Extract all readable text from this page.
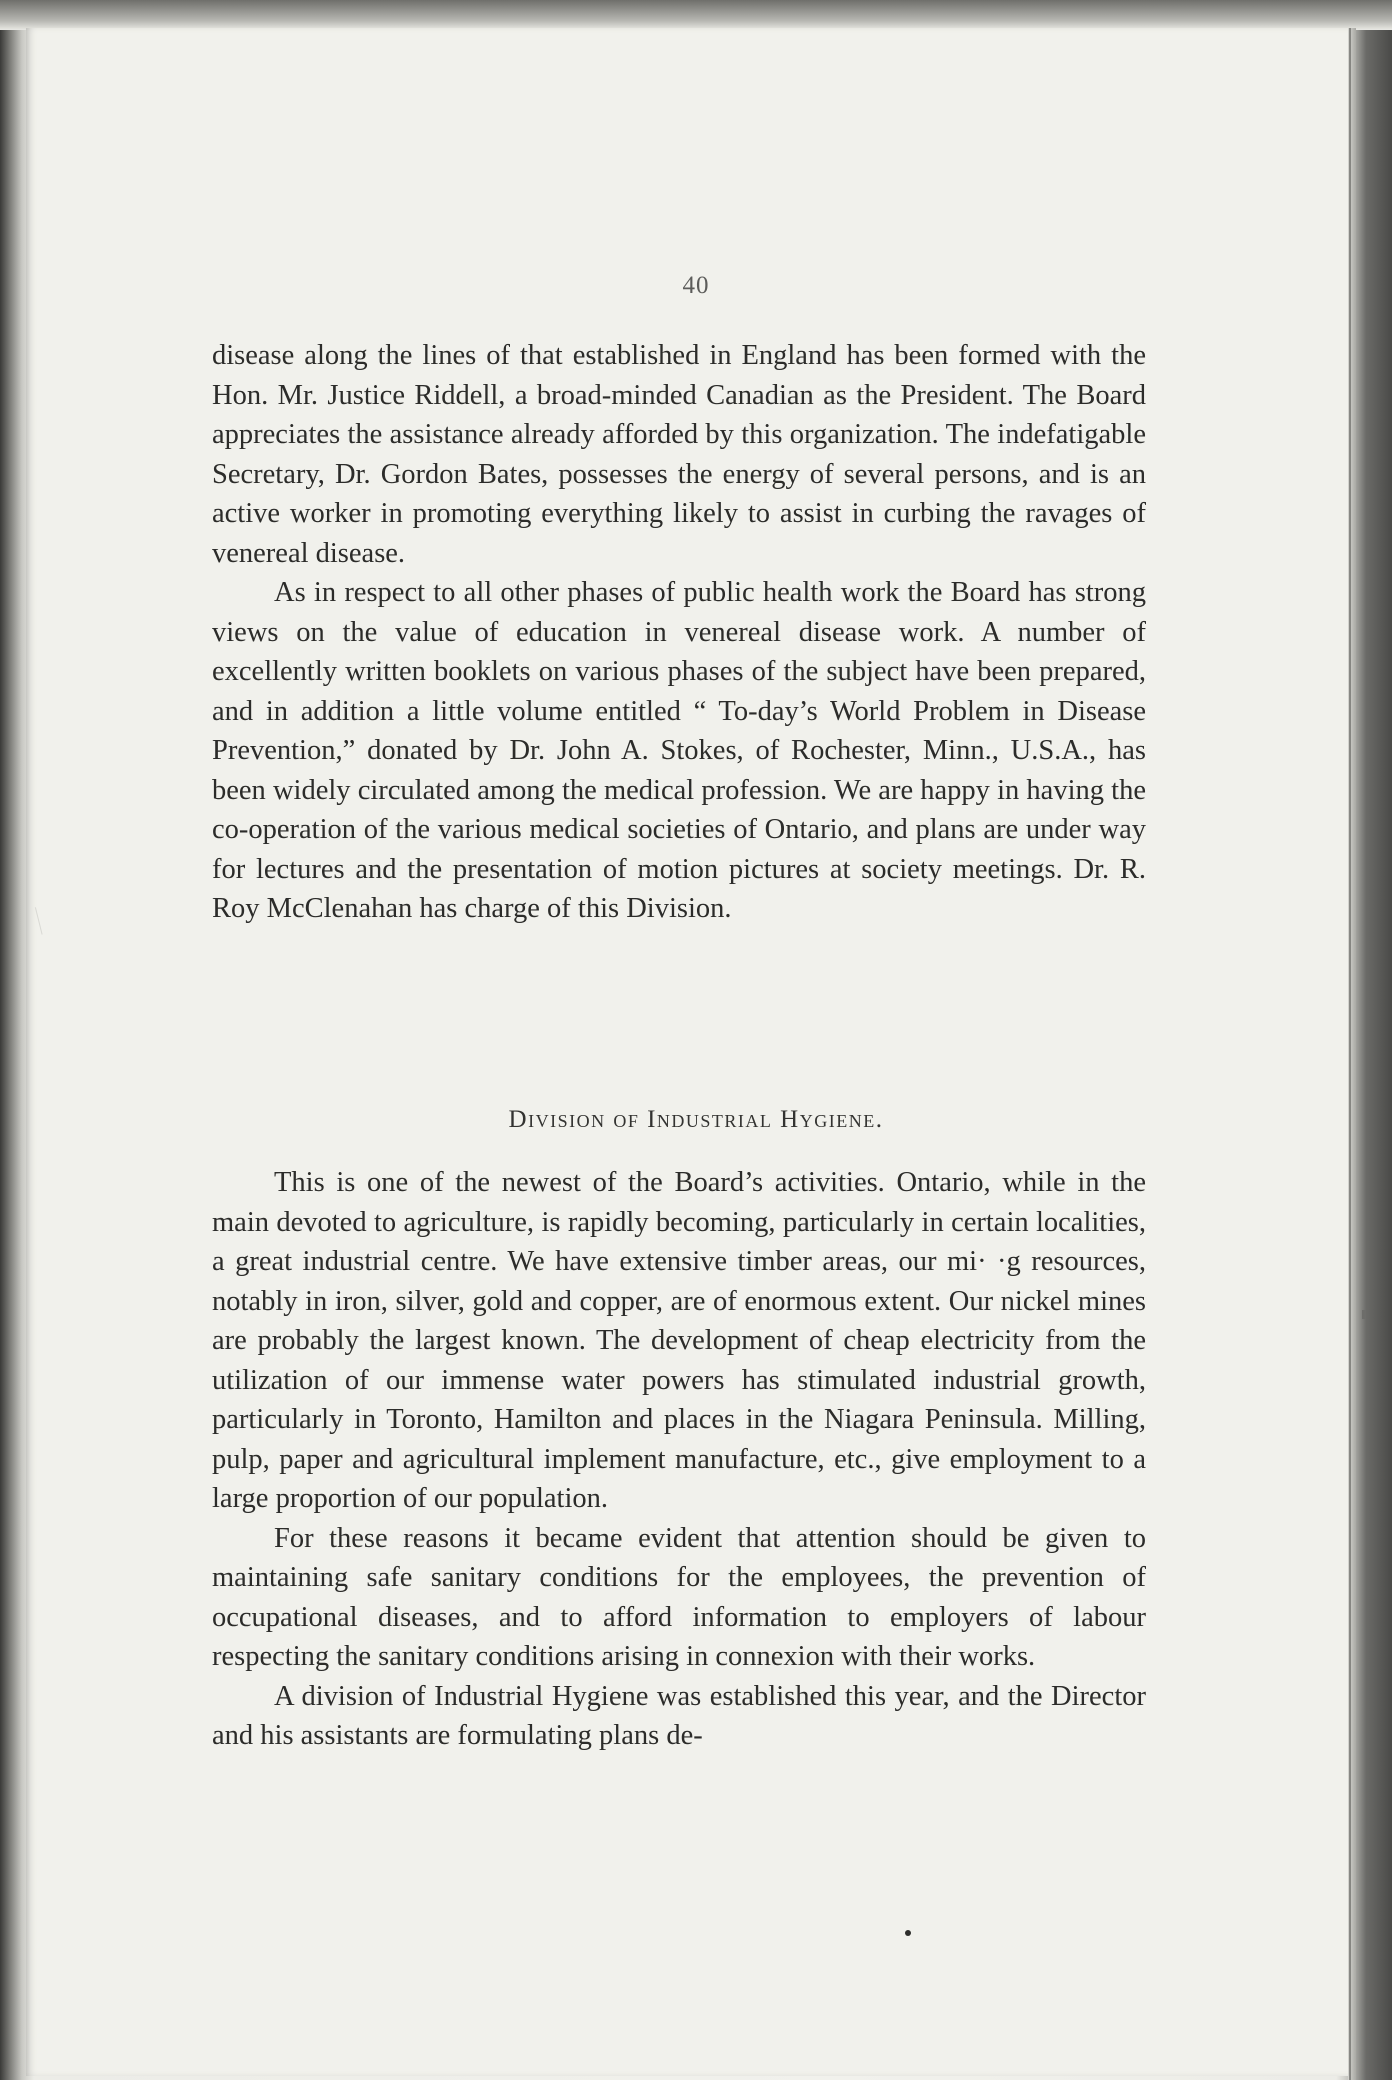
40

disease along the lines of that established in England has been formed with the Hon. Mr. Justice Riddell, a broad-minded Canadian as the President. The Board appreciates the assistance already afforded by this organization. The indefatigable Secretary, Dr. Gordon Bates, possesses the energy of several persons, and is an active worker in promoting everything likely to assist in curbing the ravages of venereal disease.

As in respect to all other phases of public health work the Board has strong views on the value of education in venereal disease work. A number of excellently written booklets on various phases of the subject have been prepared, and in addition a little volume entitled “ To-day’s World Problem in Disease Prevention,” donated by Dr. John A. Stokes, of Rochester, Minn., U.S.A., has been widely circulated among the medical profession. We are happy in having the co-operation of the various medical societies of Ontario, and plans are under way for lectures and the presentation of motion pictures at society meetings. Dr. R. Roy McClenahan has charge of this Division.

Division of Industrial Hygiene.

This is one of the newest of the Board’s activities. Ontario, while in the main devoted to agriculture, is rapidly becoming, particularly in certain localities, a great industrial centre. We have extensive timber areas, our mi· ·g resources, notably in iron, silver, gold and copper, are of enormous extent. Our nickel mines are probably the largest known. The development of cheap electricity from the utilization of our immense water powers has stimulated industrial growth, particularly in Toronto, Hamilton and places in the Niagara Peninsula. Milling, pulp, paper and agricultural implement manufacture, etc., give employment to a large proportion of our population.

For these reasons it became evident that attention should be given to maintaining safe sanitary conditions for the employees, the prevention of occupational diseases, and to afford information to employers of labour respecting the sanitary conditions arising in connexion with their works.

A division of Industrial Hygiene was established this year, and the Director and his assistants are formulating plans de-
